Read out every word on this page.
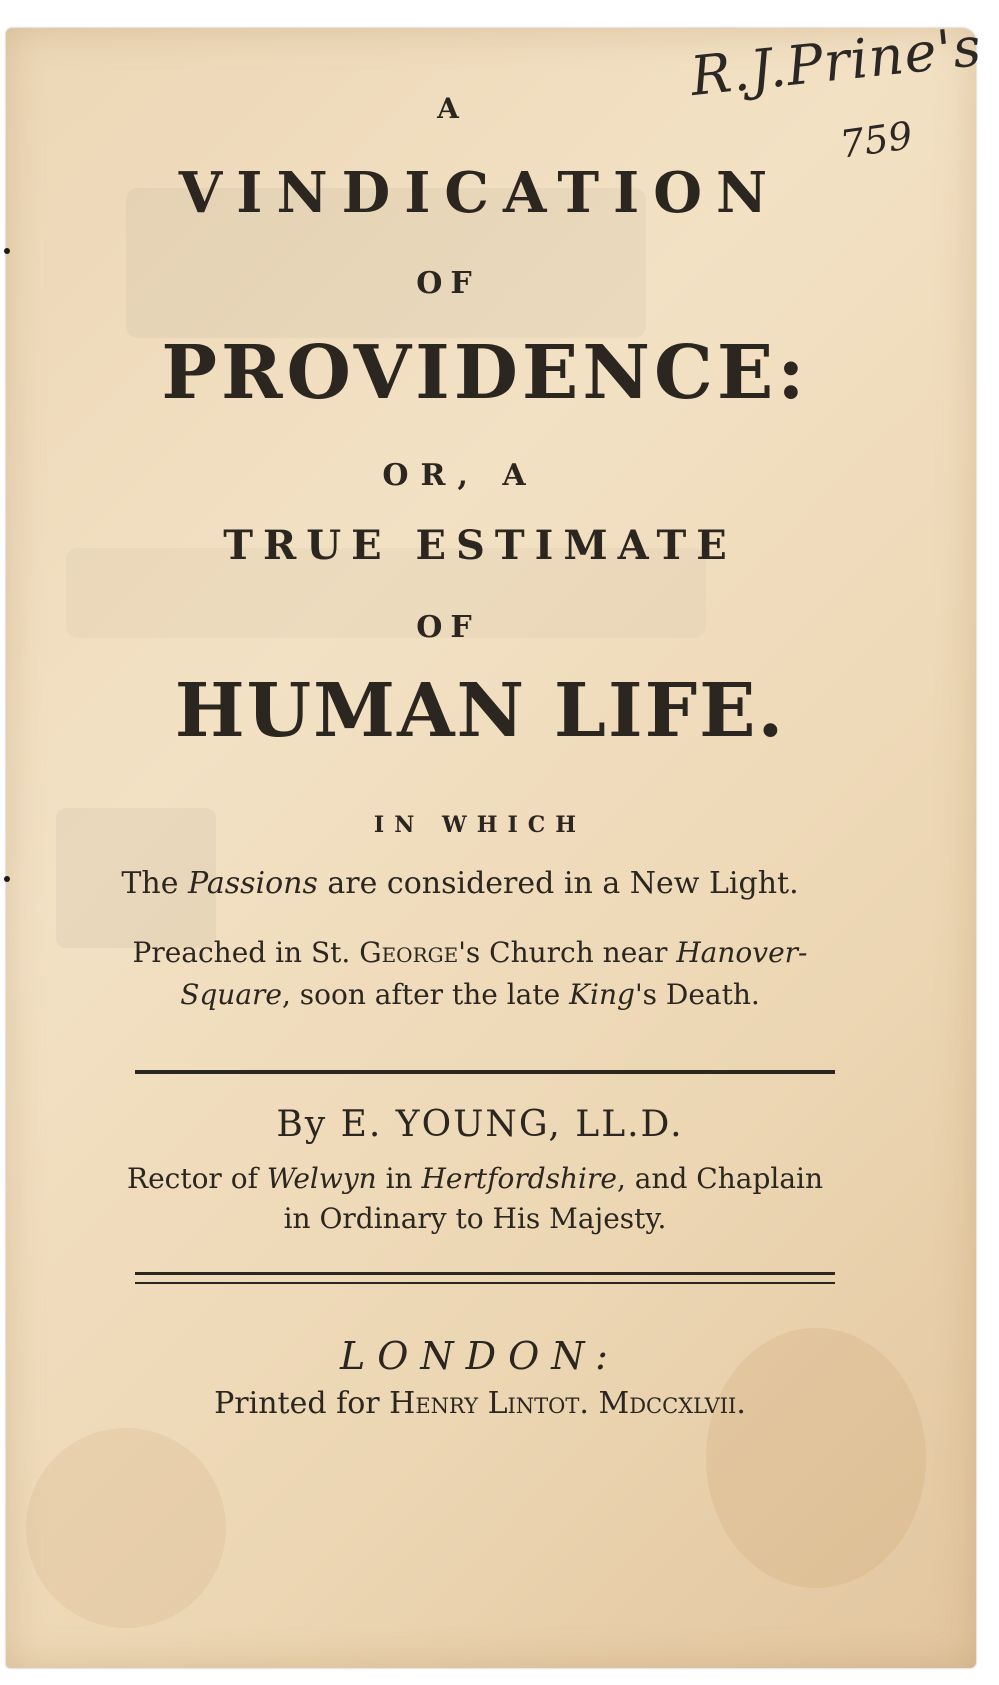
R.J.Prine's
759
A
VINDICATION
OF
PROVIDENCE:
OR, A
TRUE ESTIMATE
OF
HUMAN LIFE.
IN WHICH
The Passions are considered in a New Light.
Preached in St. George's Church near Hanover-
Square, soon after the late King's Death.
By E. YOUNG, LL.D.
Rector of Welwyn in Hertfordshire, and Chaplain
in Ordinary to His Majesty.
LONDON:
Printed for Henry Lintot. Mdccxlvii.
